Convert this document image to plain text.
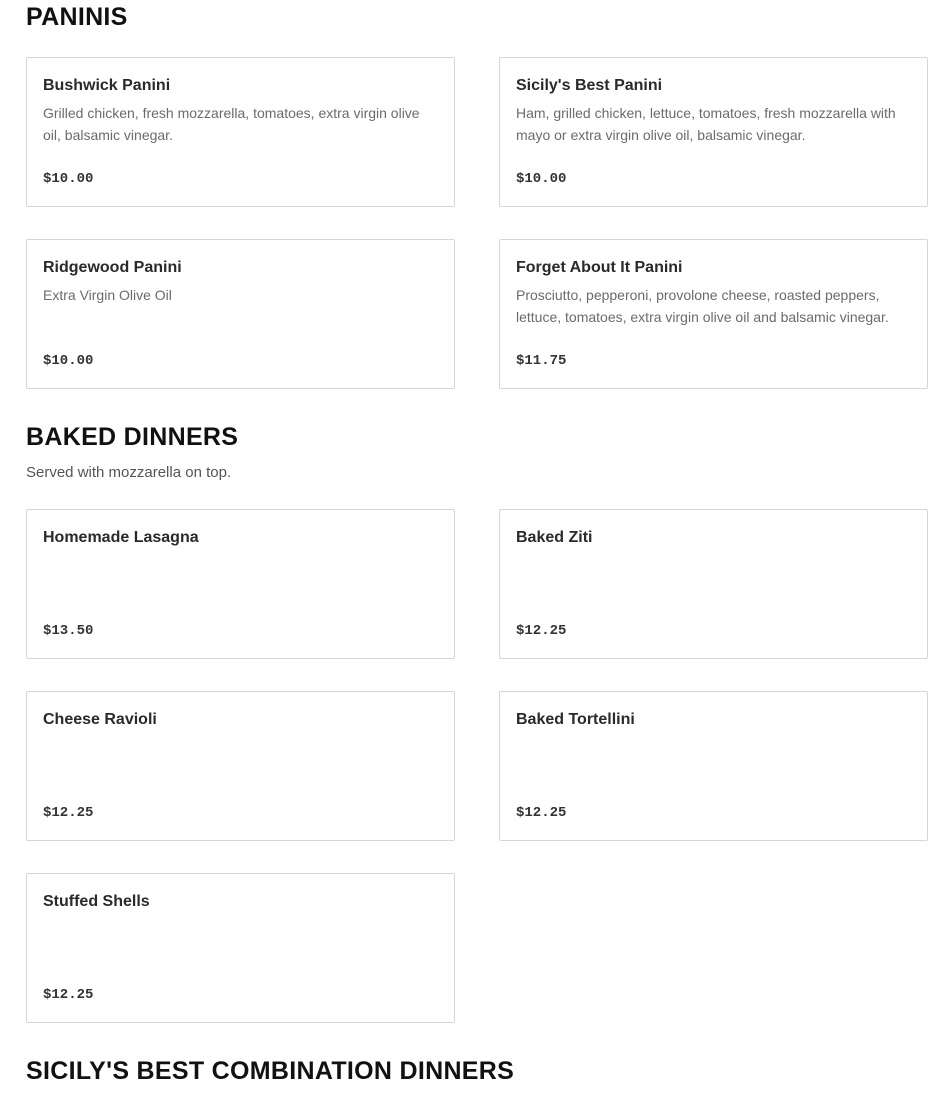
PANINIS
Bushwick Panini
Grilled chicken, fresh mozzarella, tomatoes, extra virgin olive oil, balsamic vinegar.
$10.00
Sicily's Best Panini
Ham, grilled chicken, lettuce, tomatoes, fresh mozzarella with mayo or extra virgin olive oil, balsamic vinegar.
$10.00
Ridgewood Panini
Extra Virgin Olive Oil
$10.00
Forget About It Panini
Prosciutto, pepperoni, provolone cheese, roasted peppers, lettuce, tomatoes, extra virgin olive oil and balsamic vinegar.
$11.75
BAKED DINNERS

Served with mozzarella on top.

Homemade Lasagna
$13.50
Baked Ziti
$12.25
Cheese Ravioli
$12.25
Baked Tortellini
$12.25
Stuffed Shells
$12.25
SICILY'S BEST COMBINATION DINNERS
